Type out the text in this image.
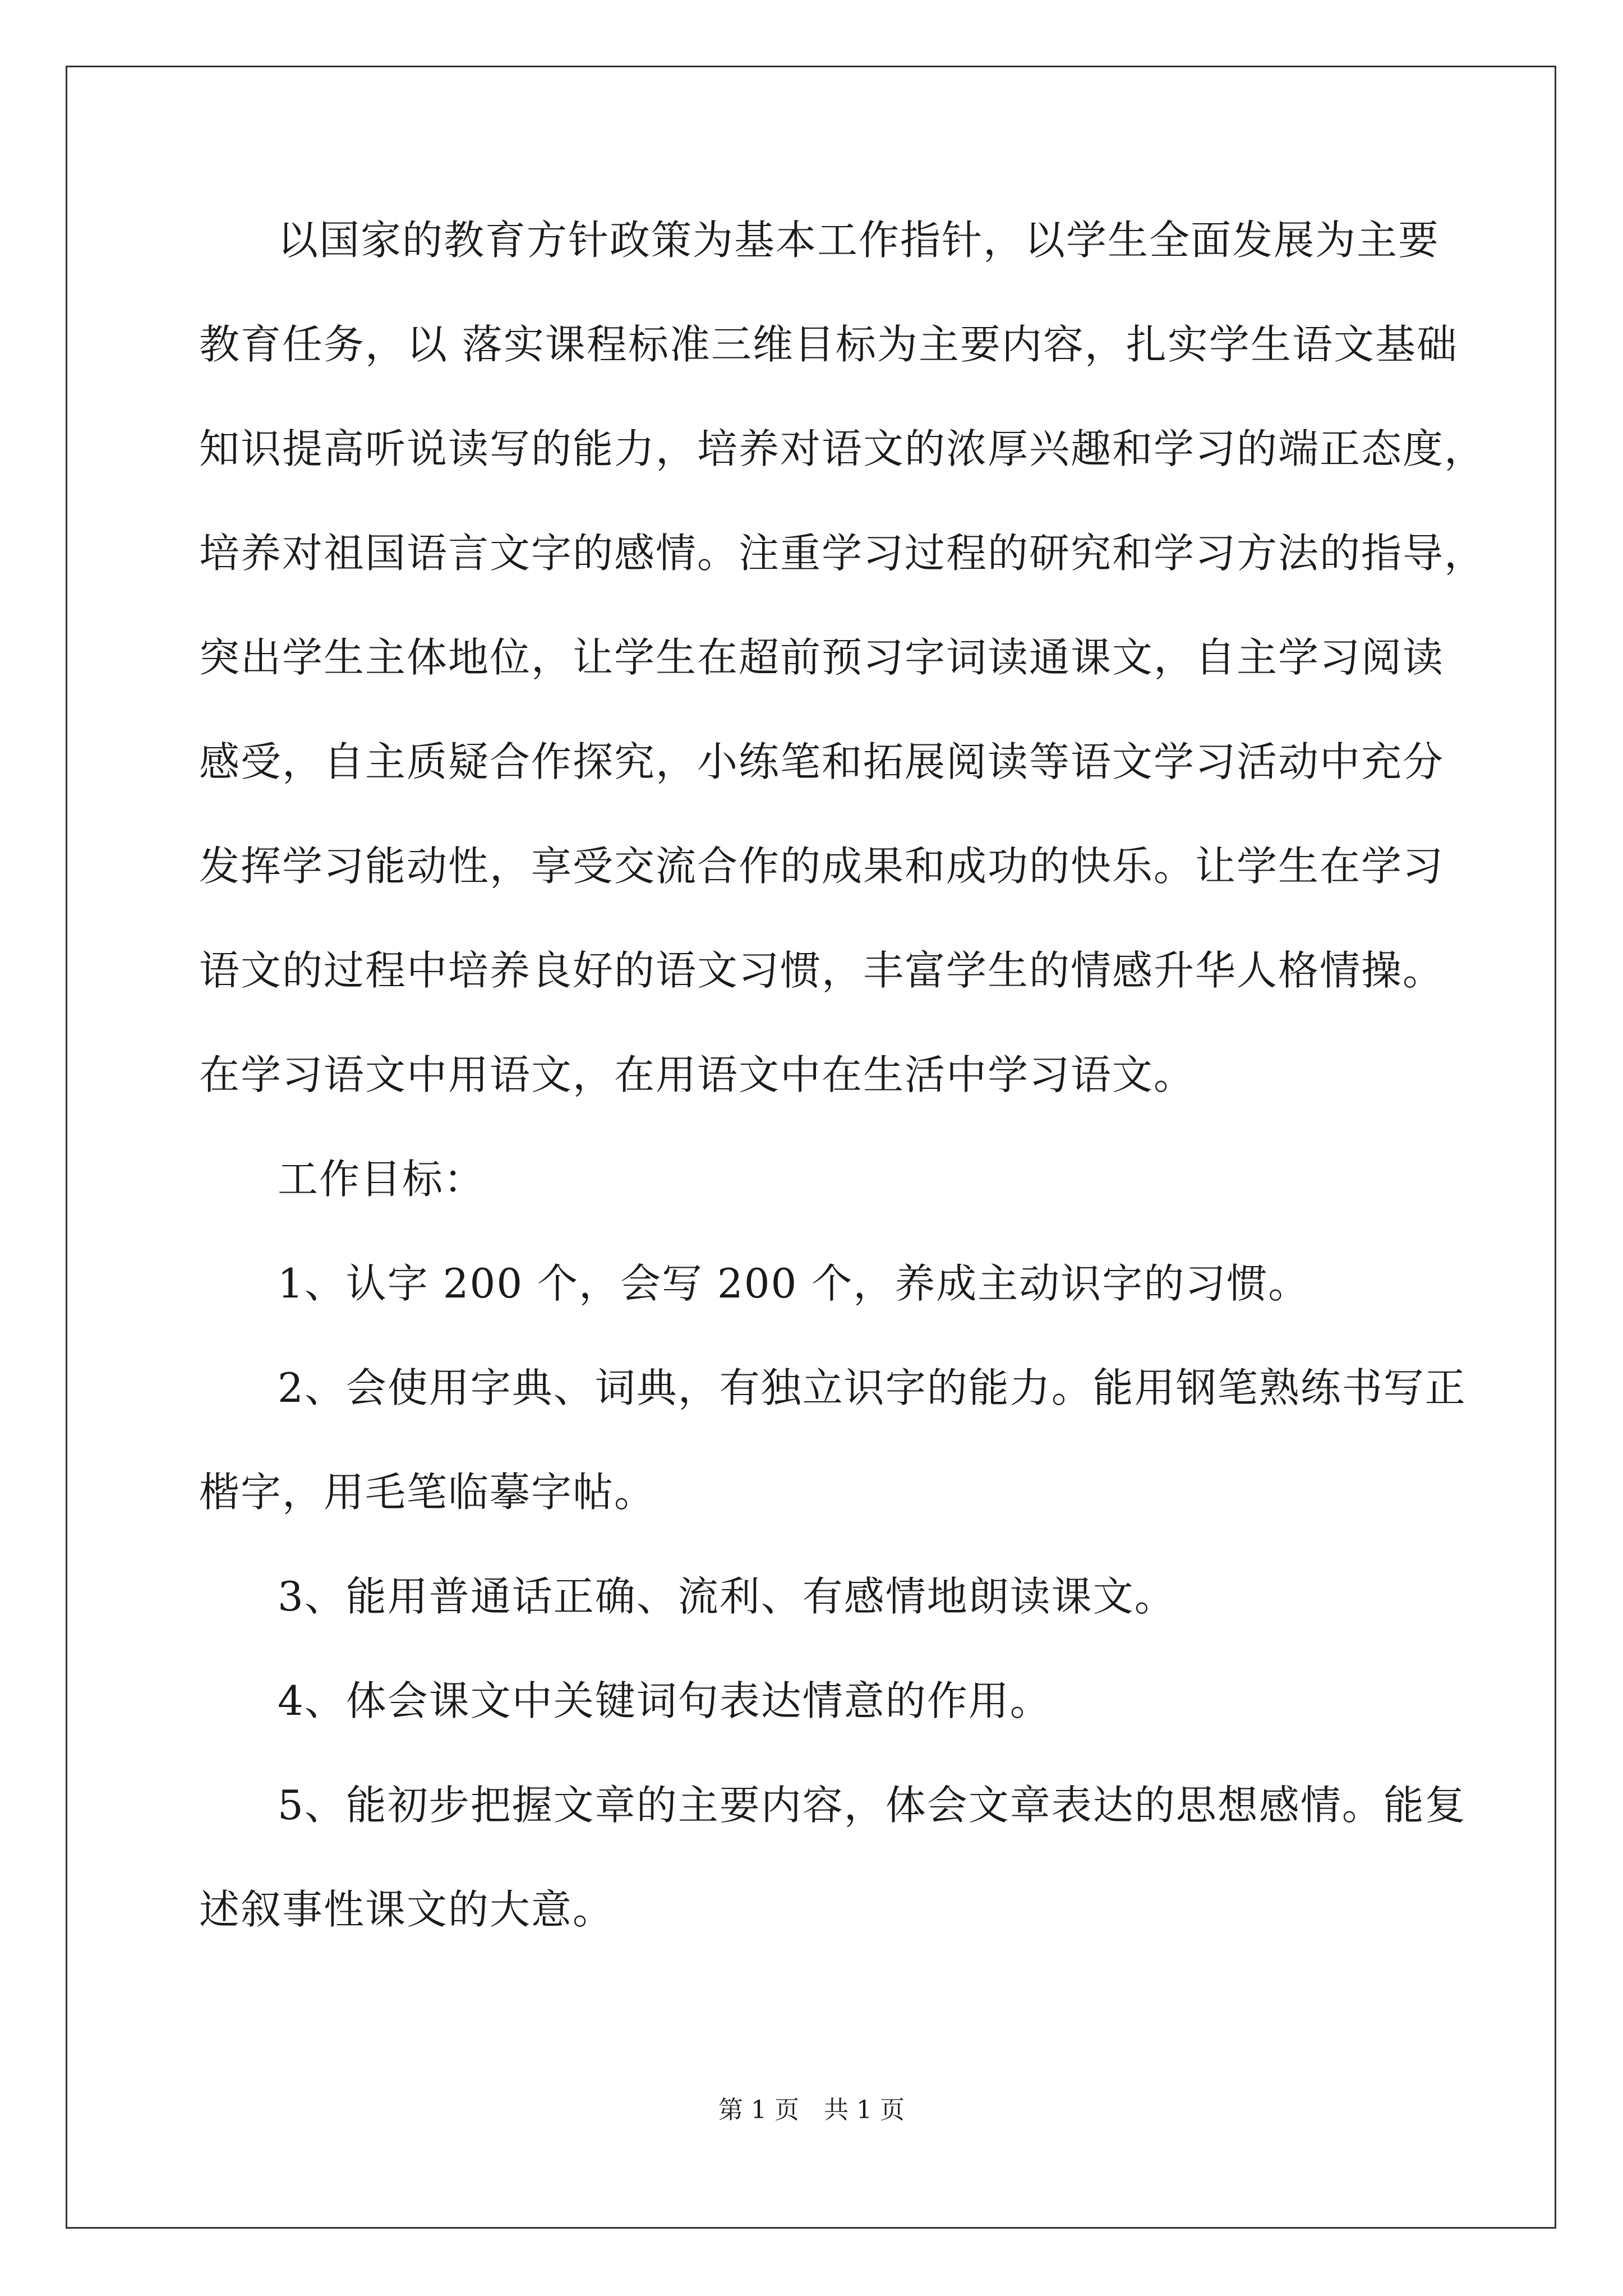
以国家的教育方针政策为基本工作指针，以学生全面发展为主要
教育任务，以 落实课程标准三维目标为主要内容，扎实学生语文基础
知识提高听说读写的能力，培养对语文的浓厚兴趣和学习的端正态度，
培养对祖国语言文字的感情。注重学习过程的研究和学习方法的指导，
突出学生主体地位，让学生在超前预习字词读通课文，自主学习阅读
感受，自主质疑合作探究，小练笔和拓展阅读等语文学习活动中充分
发挥学习能动性，享受交流合作的成果和成功的快乐。让学生在学习
语文的过程中培养良好的语文习惯，丰富学生的情感升华人格情操。
在学习语文中用语文，在用语文中在生活中学习语文。
工作目标：
1、认字 200 个，会写 200 个，养成主动识字的习惯。
2、会使用字典、词典，有独立识字的能力。能用钢笔熟练书写正
楷字，用毛笔临摹字帖。
3、能用普通话正确、流利、有感情地朗读课文。
4、体会课文中关键词句表达情意的作用。
5、能初步把握文章的主要内容，体会文章表达的思想感情。能复
述叙事性课文的大意。
第 1 页　共 1 页
